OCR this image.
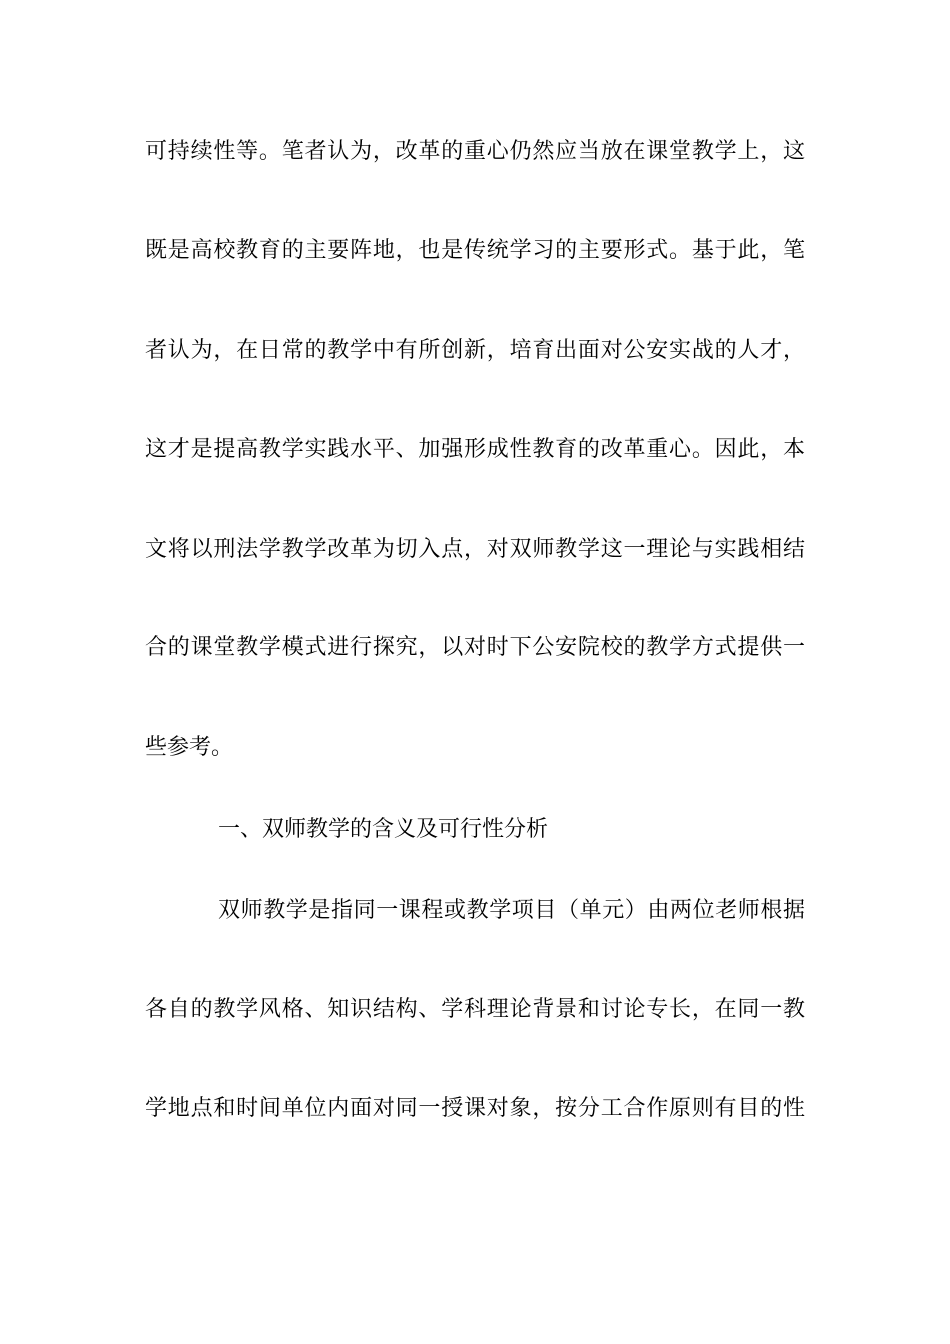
可持续性等。笔者认为，改革的重心仍然应当放在课堂教学上，这
既是高校教育的主要阵地，也是传统学习的主要形式。基于此，笔
者认为，在日常的教学中有所创新，培育出面对公安实战的人才，
这才是提高教学实践水平、加强形成性教育的改革重心。因此，本
文将以刑法学教学改革为切入点，对双师教学这一理论与实践相结
合的课堂教学模式进行探究，以对时下公安院校的教学方式提供一
些参考。
一、双师教学的含义及可行性分析
双师教学是指同一课程或教学项目（单元）由两位老师根据
各自的教学风格、知识结构、学科理论背景和讨论专长，在同一教
学地点和时间单位内面对同一授课对象，按分工合作原则有目的性
